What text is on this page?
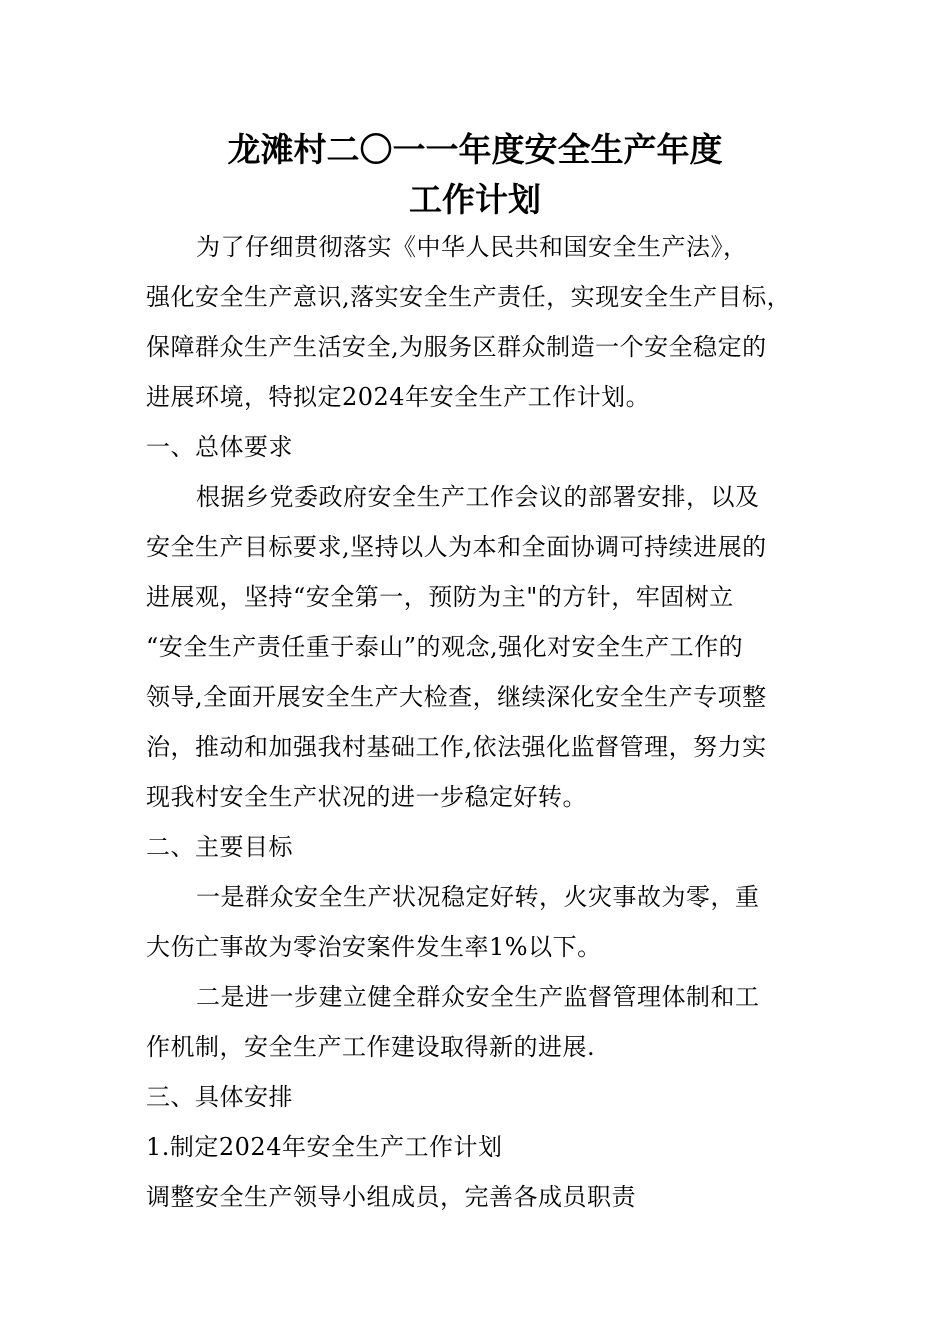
龙滩村二〇一一年度安全生产年度
工作计划
为了仔细贯彻落实《中华人民共和国安全生产法》，
强化安全生产意识,落实安全生产责任，实现安全生产目标，
保障群众生产生活安全,为服务区群众制造一个安全稳定的
进展环境，特拟定2024年安全生产工作计划。
一、总体要求
根据乡党委政府安全生产工作会议的部署安排，以及
安全生产目标要求,坚持以人为本和全面协调可持续进展的
进展观，坚持“安全第一，预防为主"的方针，牢固树立
“安全生产责任重于泰山”的观念,强化对安全生产工作的
领导,全面开展安全生产大检查，继续深化安全生产专项整
治，推动和加强我村基础工作,依法强化监督管理，努力实
现我村安全生产状况的进一步稳定好转。
二、主要目标
一是群众安全生产状况稳定好转，火灾事故为零，重
大伤亡事故为零治安案件发生率1%以下。
二是进一步建立健全群众安全生产监督管理体制和工
作机制，安全生产工作建设取得新的进展.
三、具体安排
1.制定2024年安全生产工作计划
调整安全生产领导小组成员，完善各成员职责
